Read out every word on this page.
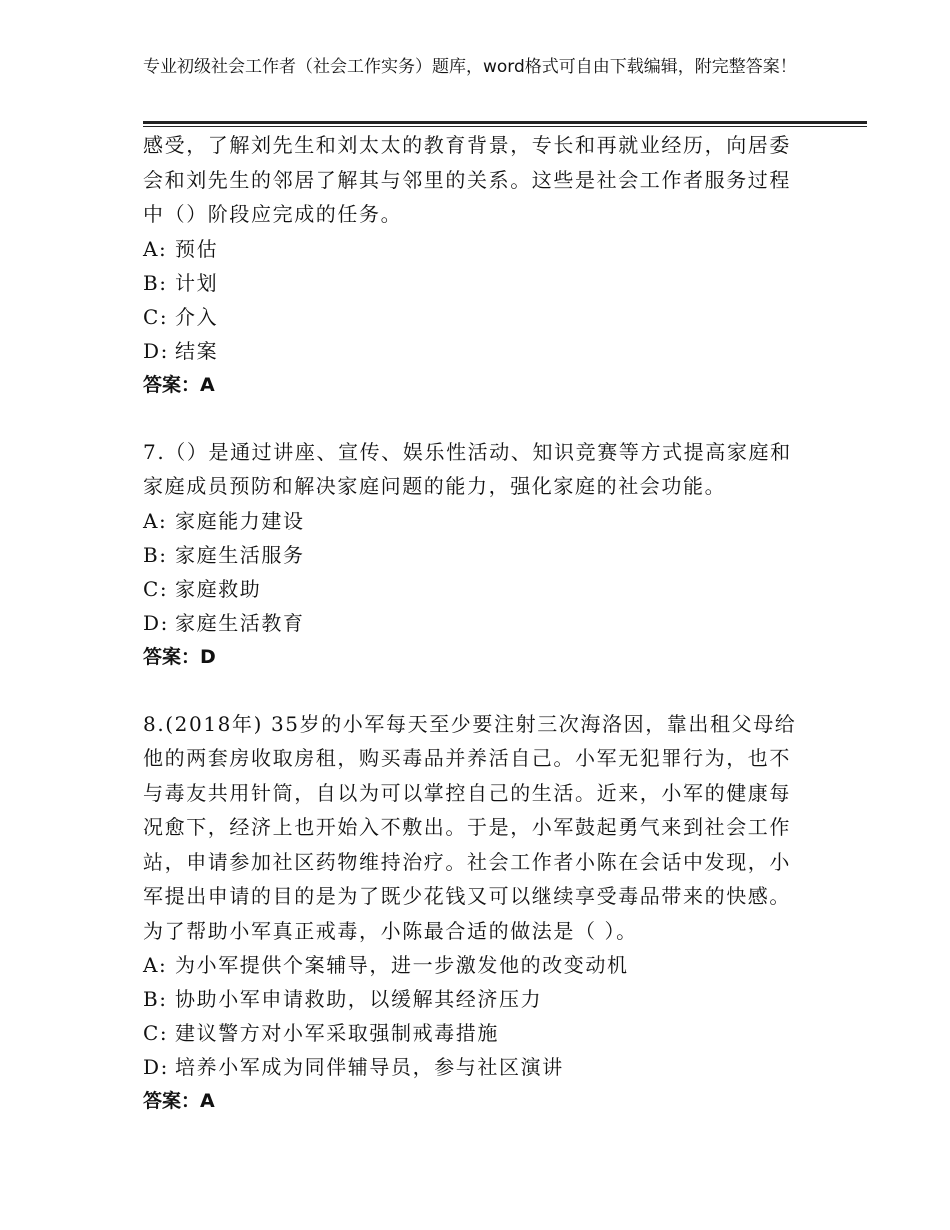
专业初级社会工作者（社会工作实务）题库，word格式可自由下载编辑，附完整答案！

感受，了解刘先生和刘太太的教育背景，专长和再就业经历，向居委会和刘先生的邻居了解其与邻里的关系。这些是社会工作者服务过程中（）阶段应完成的任务。

A: 预估

B: 计划

C: 介入

D: 结案

答案：A

7.（）是通过讲座、宣传、娱乐性活动、知识竞赛等方式提高家庭和家庭成员预防和解决家庭问题的能力，强化家庭的社会功能。

A: 家庭能力建设

B: 家庭生活服务

C: 家庭救助

D: 家庭生活教育

答案：D

8.(2018年) 35岁的小军每天至少要注射三次海洛因，靠出租父母给他的两套房收取房租，购买毒品并养活自己。小军无犯罪行为，也不与毒友共用针筒，自以为可以掌控自己的生活。近来，小军的健康每况愈下，经济上也开始入不敷出。于是，小军鼓起勇气来到社会工作站，申请参加社区药物维持治疗。社会工作者小陈在会话中发现，小军提出申请的目的是为了既少花钱又可以继续享受毒品带来的快感。为了帮助小军真正戒毒，小陈最合适的做法是（ ）。

A: 为小军提供个案辅导，进一步激发他的改变动机

B: 协助小军申请救助，以缓解其经济压力

C: 建议警方对小军采取强制戒毒措施

D: 培养小军成为同伴辅导员，参与社区演讲

答案：A
